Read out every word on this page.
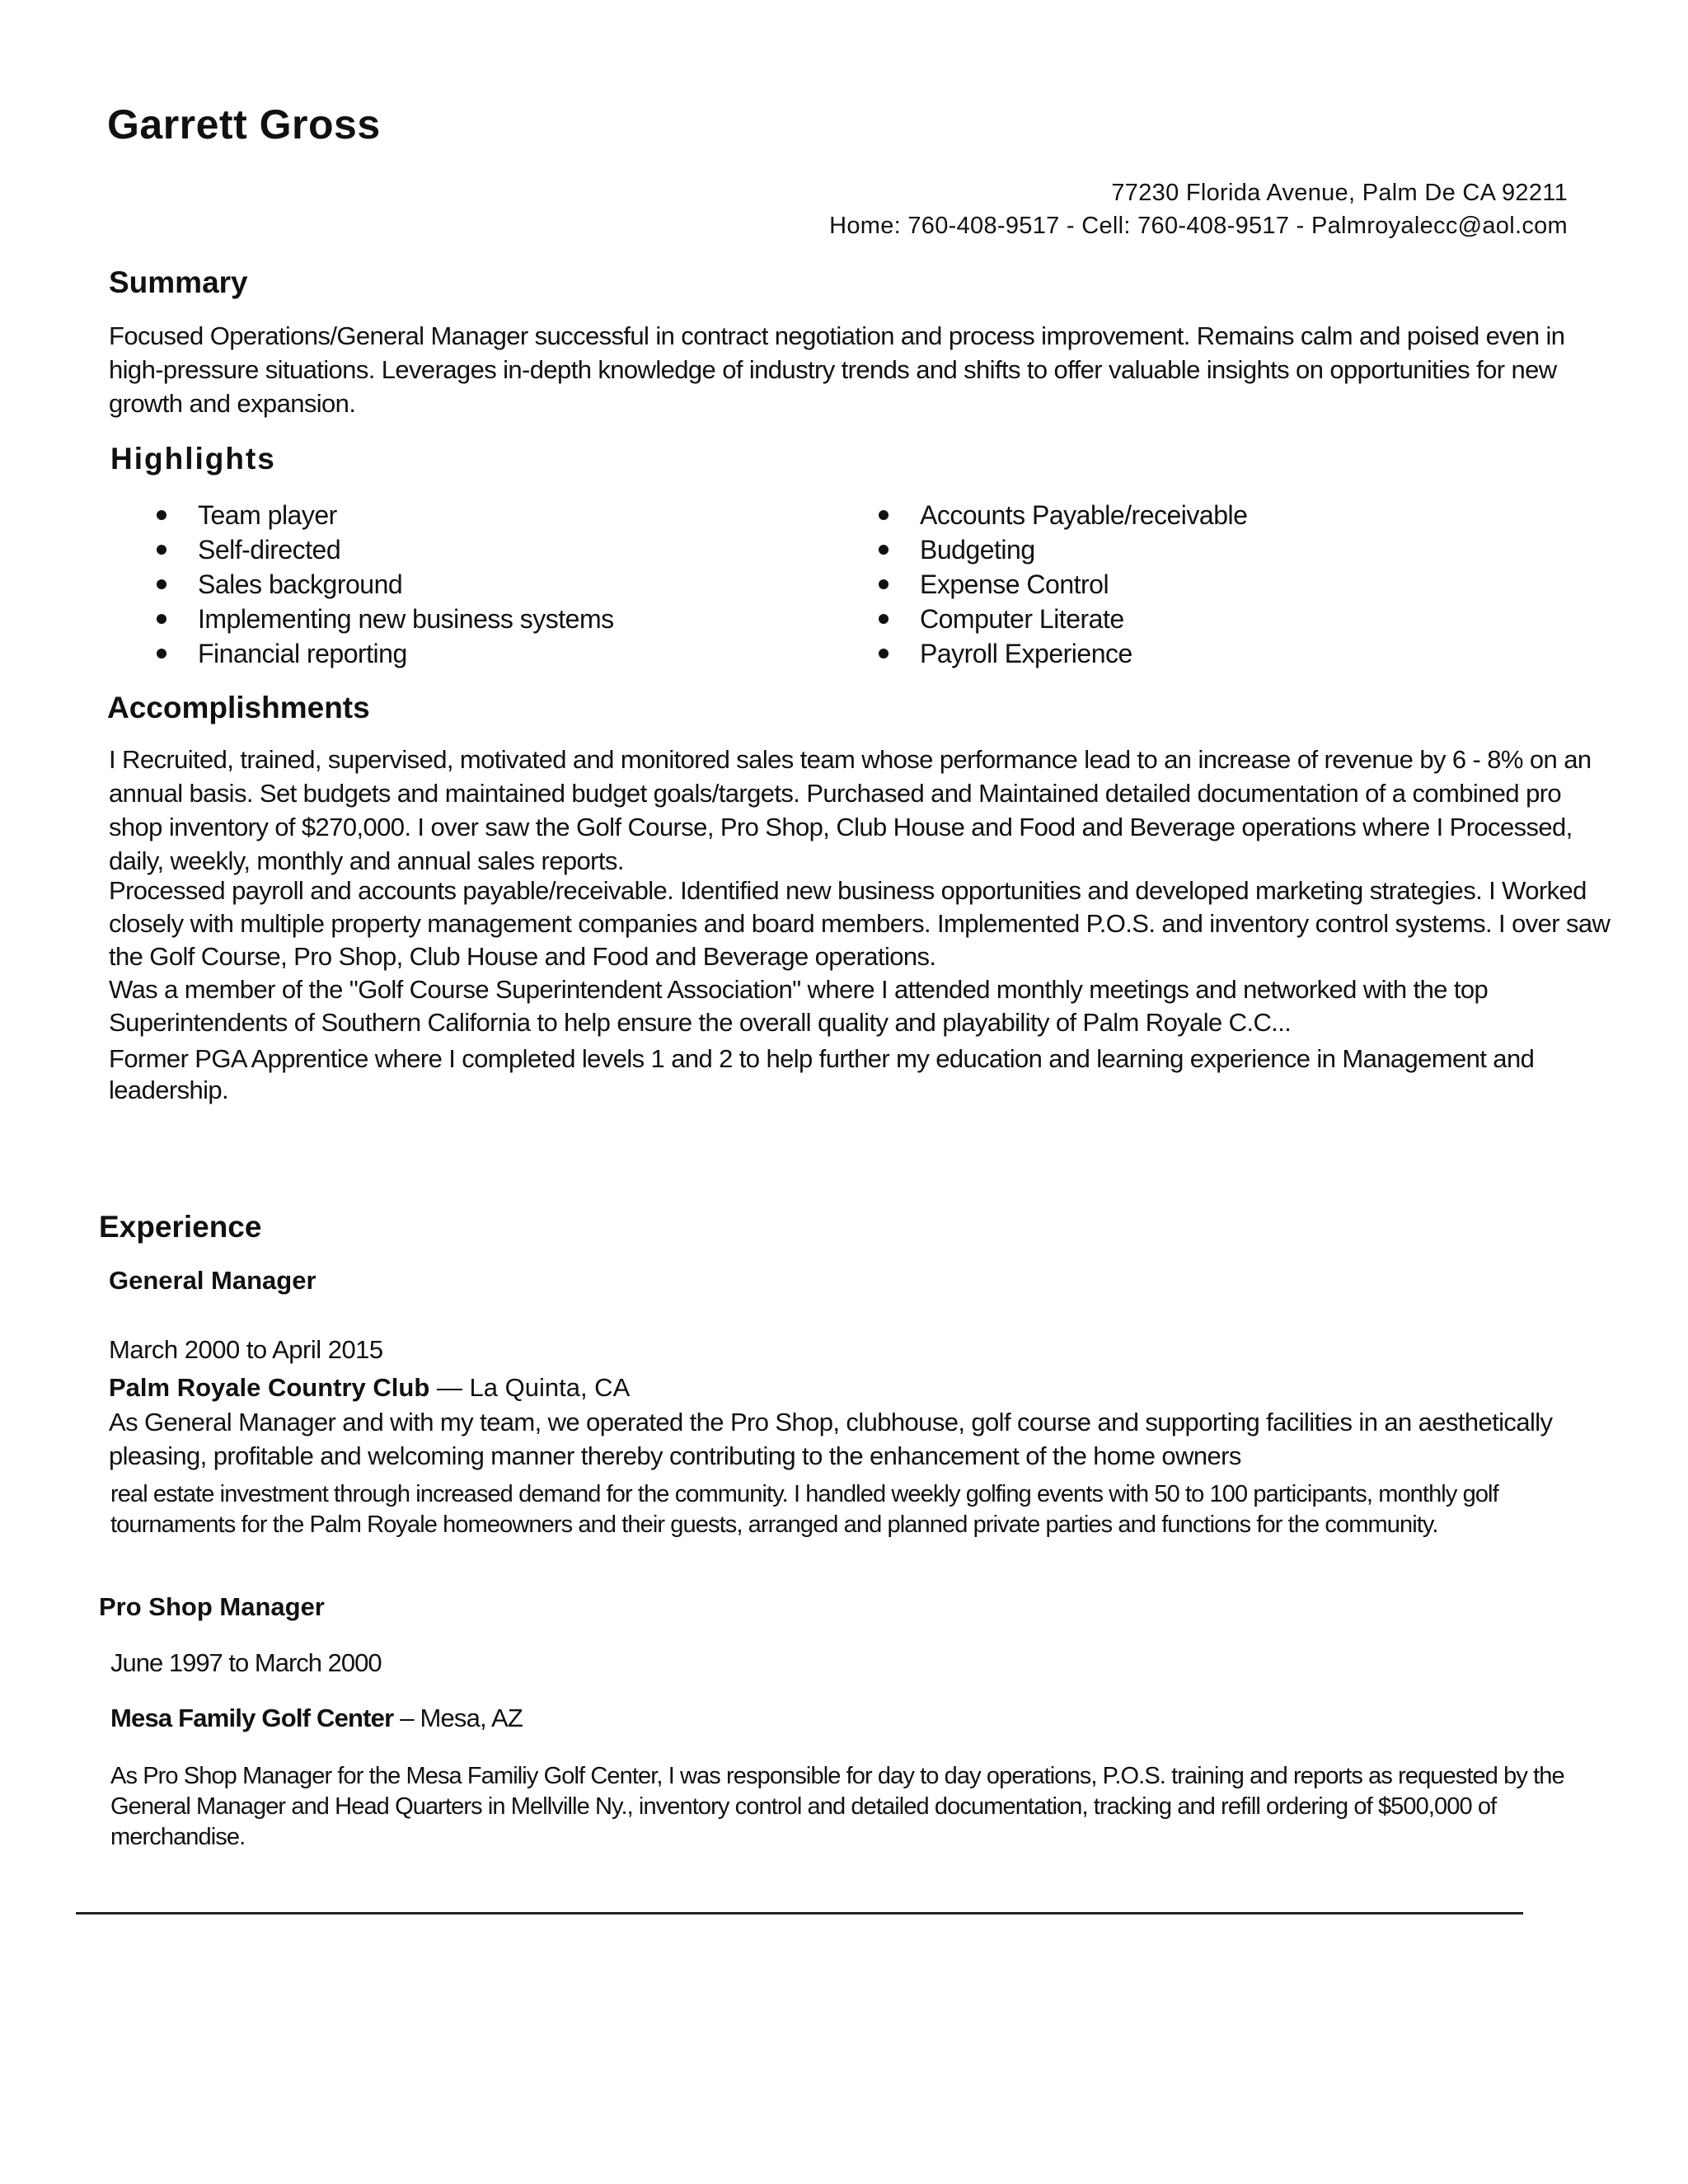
Garrett Gross
77230 Florida Avenue, Palm De CA 92211
Home: 760-408-9517 - Cell: 760-408-9517 - Palmroyalecc@aol.com
Summary
Focused Operations/General Manager successful in contract negotiation and process improvement. Remains calm and poised even in high-pressure situations. Leverages in-depth knowledge of industry trends and shifts to offer valuable insights on opportunities for new growth and expansion.
Highlights
Team player
Self-directed
Sales background
Implementing new business systems
Financial reporting
Accounts Payable/receivable
Budgeting
Expense Control
Computer Literate
Payroll Experience
Accomplishments
I Recruited, trained, supervised, motivated and monitored sales team whose performance lead to an increase of revenue by 6 - 8% on an annual basis. Set budgets and maintained budget goals/targets. Purchased and Maintained detailed documentation of a combined pro shop inventory of $270,000. I over saw the Golf Course, Pro Shop, Club House and Food and Beverage operations where I Processed, daily, weekly, monthly and annual sales reports.
Processed payroll and accounts payable/receivable. Identified new business opportunities and developed marketing strategies. I Worked closely with multiple property management companies and board members. Implemented P.O.S. and inventory control systems. I over saw the Golf Course, Pro Shop, Club House and Food and Beverage operations.
Was a member of the "Golf Course Superintendent Association" where I attended monthly meetings and networked with the top Superintendents of Southern California to help ensure the overall quality and playability of Palm Royale C.C...
Former PGA Apprentice where I completed levels 1 and 2 to help further my education and learning experience in Management and leadership.
Experience
General Manager
March 2000 to April 2015
Palm Royale Country Club — La Quinta, CA
As General Manager and with my team, we operated the Pro Shop, clubhouse, golf course and supporting facilities in an aesthetically pleasing, profitable and welcoming manner thereby contributing to the enhancement of the home owners
real estate investment through increased demand for the community. I handled weekly golfing events with 50 to 100 participants, monthly golf tournaments for the Palm Royale homeowners and their guests, arranged and planned private parties and functions for the community.
Pro Shop Manager
June 1997 to March 2000
Mesa Family Golf Center – Mesa, AZ
As Pro Shop Manager for the Mesa Familiy Golf Center, I was responsible for day to day operations, P.O.S. training and reports as requested by the General Manager and Head Quarters in Mellville Ny., inventory control and detailed documentation, tracking and refill ordering of $500,000 of merchandise.
